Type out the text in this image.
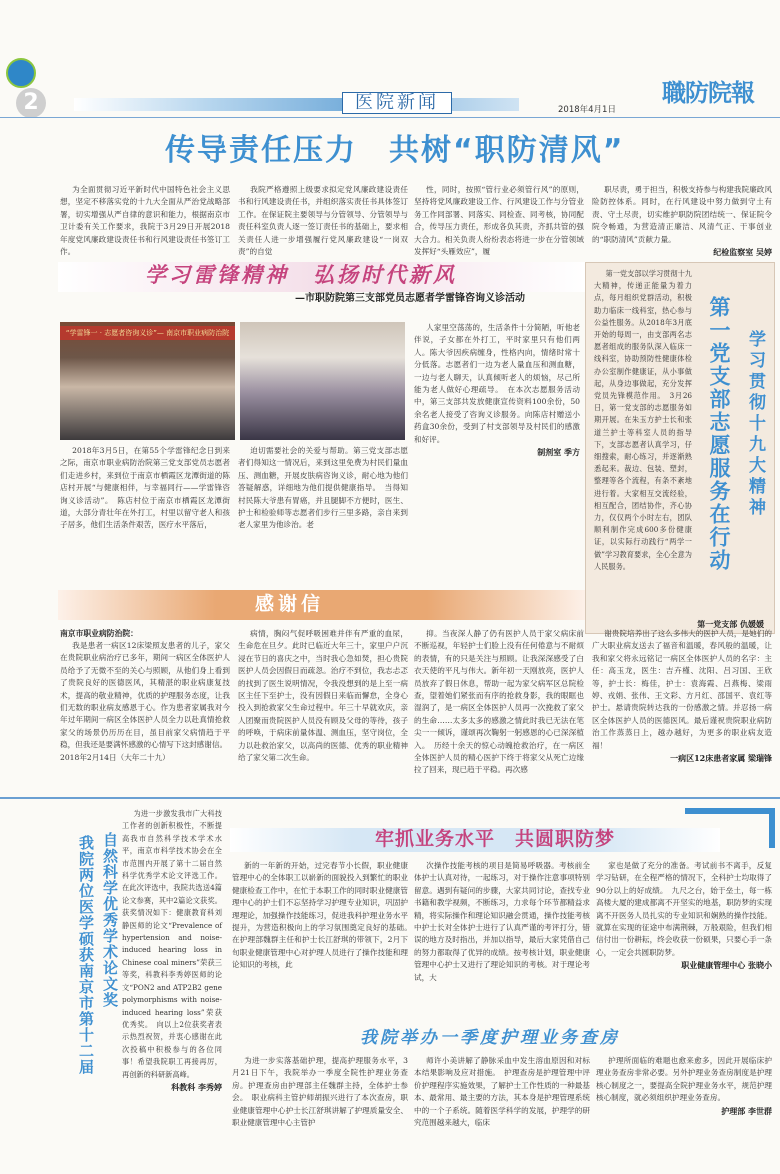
2	医院新闻	2018年4月1日
職防院報
传导责任压力　共树“职防清风”

为全面贯彻习近平新时代中国特色社会主义思想，坚定不移落实党的十九大全面从严治党战略部署，切实增强从严自律的意识和能力，根据南京市卫计委有关工作要求，我院于3月29日开展2018年度党风廉政建设责任书和行风建设责任书签订工作。

我院严格遵照上级要求拟定党风廉政建设责任书和行风建设责任书，并组织落实责任书具体签订工作。在保证院主要领导与分管领导、分管领导与责任科室负责人逐一签订责任书的基础上，要求相关责任人进一步增强履行党风廉政建设“一岗双责”的自觉

性，同时，按照“管行业必须管行风”的原则，坚持将党风廉政建设工作、行风建设工作与分管业务工作同部署、同落实、同检查、同考核，协同配合，传导压力责任，形成各负其责，齐抓共管的强大合力。相关负责人纷纷表态将进一步在分管领域发挥好“头雁效应”，履

职尽责，勇于担当，积极支持参与构建我院廉政风险防控体系。同时，在行风建设中努力做到守土有责、守土尽责，切实维护职防院团结统一、保证院令院令畅通，为营造清正廉洁、风清气正、干事创业的“职防清风”贡献力量。

纪检监察室 吴婷
学习雷锋精神　弘扬时代新风
—市职防院第三支部党员志愿者学雷锋咨询义诊活动
“学雷锋一 · 志愿者咨询义诊”— 南京市职业病防治院

2018年3月5日，在第55个学雷锋纪念日到来之际，南京市职业病防治院第三党支部党员志愿者们走进乡村，来到位于南京市栖霞区龙潭街道的陈店村开展“与健康相伴，与幸福同行——学雷锋咨询义诊活动”。　陈店村位于南京市栖霞区龙潭街道，大部分青壮年在外打工，村里以留守老人和孩子居多，他们生活条件艰苦，医疗水平落后，

迫切需要社会的关爱与帮助。第三党支部志愿者们得知这一情况后，来到这里免费为村民们量血压、测血糖，开展皮肤病咨询义诊，耐心地为他们答疑解惑，详细地为他们提供健康指导。　当得知村民陈大爷患有胃癌，并且腿脚不方便时，医生、护士和检验师等志愿者们步行三里多路，亲自来到老人家里为他诊治。老

人家里空荡荡的，生活条件十分简陋，听他老伴说，子女都在外打工，平时家里只有他们两人。陈大爷因疾病缠身，性格内向，情绪时常十分低落。志愿者们一边为老人量血压和测血糖，一边与老人聊天，认真倾听老人的烦恼，尽己所能为老人做好心理疏导。　在本次志愿服务活动中，第三支部共发放健康宣传资料100余份，50余名老人接受了咨询义诊服务。向陈店村赠送小药盒30余份，受到了村支部领导及村民们的感激和好评。

制剂室 季方

第一党支部以学习贯彻十九大精神，传递正能量为着力点，每月组织党群活动，积极助力临床一线科室，热心参与公益性服务。从2018年3月底开始的每周一，由支部两名志愿者组成的服务队深入临床一线科室，协助预防性健康体检办公室制作健康证，从小事做起，从身边事做起，充分发挥党员先锋模范作用。　3月26日，第一党支部的志愿服务如期开展。在朱玉方护士长和张道兰护士等科室人员的指导下，支部志愿者认真学习，仔细搜索，耐心练习，并逐渐熟悉起来。裁边、包装、塑封，整理等各个流程，有条不紊地进行着。大家相互交流经验，相互配合，团结协作，齐心协力，仅仅两个小时左右，团队顺利制作完成600多份健康证，以实际行动践行“两学一做”学习教育要求，全心全意为人民服务。	第一党支部志愿服务在行动 学习贯彻十九大精神
第一党支部 仇媛媛
感谢信
南京市职业病防治院：

我是患者一病区12床梁照友患者的儿子，家父在贵院职业病治疗已多年，期间一病区全体医护人员给予了无微不至的关心与照顾，从他们身上看到了贵院良好的医德医风，其精湛的职业病康复技术，提高的敬业精神，优质的护理服务态度，让我们无数的职业病友感恩于心。作为患者家属我对今年过年期间一病区全体医护人员全力以赴真情抢救家父的场景仍历历在目，虽目前家父病情趋于平稳，但我还是要满怀感激的心情写下这封感谢信。

2018年2月14日（大年二十九）

病情，胸闷气促呼吸困难并伴有严重的血尿，生命危在旦夕。此时已临近大年三十，家里户户沉浸在节日的喜庆之中，当时我心急如焚，担心贵院医护人员会因假日而疏忽。治疗不到位，我志忐忑的找到了医生说明情况，令我没想到的是上至一病区主任下至护士，没有因假日来临而懈怠，全身心投入到抢救家父生命过程中。年三十早就欢庆，亲人团聚而贵院医护人员没有顾及父母的等待，孩子的呼唤，于病床前量体温、测血压，坚守岗位，全力以赴救治家父，以高尚的医德、优秀的职业精神给了家父第二次生命。

抑。当夜深人静了仍有医护人员于家父病床前不断巡视，年轻护士们脸上没有任何倦意与不耐烦的表情，有的只是关注与照顾。让我深深感受了白衣天使的平凡与伟大。新年初一天刚放亮，医护人员放弃了假日休息，帮助一起为家父病军区总院检查，望着她们紧张而有序的抢救身影，我的眼眶也湿润了，是一病区全体医护人员再一次挽救了家父的生命……太多太多的感激之情此时我已无法在笔尖一一倾诉，谨颂再次鞠躬一躬感恩的心已深深植入。　历经十余天的惊心动魄抢救治疗，在一病区全体医护人员的精心医护下终于将家父从死亡边缘拉了回来，现已趋于平稳。再次感

谢贵院培养出了这么多伟大的医护人员，是她们的广大职业病友送去了福音和温暖，春风般的温暖，让我和家父将永远铭记一病区全体医护人员的名字：主任：高玉龙，医生：吉卉槿、沈阳、吕习国、王欣等，护士长：梅佳，护士：袁海霞、吕燕梅、梁雨婷、戎娟、张伟、王文彩、方月红、邵国平、袁红等护士。悬请贵院转达我的一份感激之情。并忍扬一病区全体医护人员的医德医风。最后谨祝贵院职业病防治工作蒸蒸日上，越办越好，为更多的职业病友造福！

一病区12床患者家属 梁瑞锋
我院两位医学硕获南京市第十二届 自然科学优秀学术论文奖

为进一步激发我市广大科技工作者的创新积极性，不断提高我市自然科学技术学术水平，南京市科学技术协会在全市范围内开展了第十二届自然科学优秀学术论文评选工作。在此次评选中，我院共选送4篇论文参赛，其中2篇论文获奖。获奖情况如下：健康教育科刘静医师的论文“Prevalence of hypertension and noise-induced hearing loss in Chinese coal miners”荣获三等奖，科教科李秀婷医师的论文“PON2 and ATP2B2 gene polymorphisms with noise-induced hearing loss”荣获优秀奖。　向以上2位获奖者表示热烈祝贺，并衷心感谢在此次投稿中积极参与的各位同事！希望我院职工再接再厉，再创新的科研新高峰。

科教科 李秀婷
牢抓业务水平　共圆职防梦

新的一年新的开始，过完春节小长假，职业健康管理中心的全体职工以崭新的面貌投入到繁忙的职业健康检查工作中，在忙于本职工作的同时职业健康管理中心的护士们不忘坚持学习护理专业知识，巩固护理理论，加强操作技能练习，促进我科护理业务水平提升，为营造积极向上的学习氛围奠定良好的基础。　在护理部魏群主任和护士长江舒琪的带领下，2月下旬职业健康管理中心对护理人员进行了操作技能和理论知识的考核，此

次操作技能考核的项目是简易呼吸器。考核前全体护士认真对待，一起练习，对于操作注意事项特别留意。遇到有疑问的步骤，大家共同讨论，查找专业书籍和教学视频，不断练习，力求每个环节都精益求精，将实际操作和理论知识融会贯通，操作技能考核中护士长对全体护士进行了认真严谨的考评打分，错误的地方及时指出，并加以指导，最后大家凭借自己的努力都取得了优异的成绩。按考核计划，职业健康管理中心护士又进行了理论知识的考核。对于理论考试，大

家也是做了充分的准备。考试前书不离手，反复学习钻研，在全程严格的情况下，全科护士均取得了90分以上的好成绩。　九尺之台，始于垒土，每一栋高楼大厦的建成都离不开坚实的地基，职防梦的实现离不开医务人员扎实的专业知识和娴熟的操作技能。就算在实现的征途中布满荆棘，万般艰险，但我们相信付出一份耕耘，终会收获一份硕果，只要心手一条心，一定会共圆职防梦。

职业健康管理中心 张晓小
我院举办一季度护理业务查房

为进一步实落基础护理，提高护理服务水平，3月21日下午，我院举办一季度全院性护理业务查房。护理查房由护理部主任魏群主持，全体护士参会。　职业病科主管护师胡振兴进行了本次查房，职业健康管理中心护士长江舒琪讲解了护理质量安全、职业健康管理中心主管护

师许小美讲解了静脉采血中发生溶血原因和对标本结果影响及应对措施。　护理查房是护理管理中评价护理程序实施效果，了解护士工作性质的一种最基本、最常用、最主要的方法，其本身是护理管理系统中的一个子系统。随着医学科学的发展，护理学的研究范围越来越大，临床

护理所面临的难题也愈来愈多，因此开展临床护理业务查房非常必要。另外护理业务查房制度是护理核心制度之一，要提高全院护理业务水平，规范护理核心制度，就必须组织护理业务查房。

护理部 李世群
